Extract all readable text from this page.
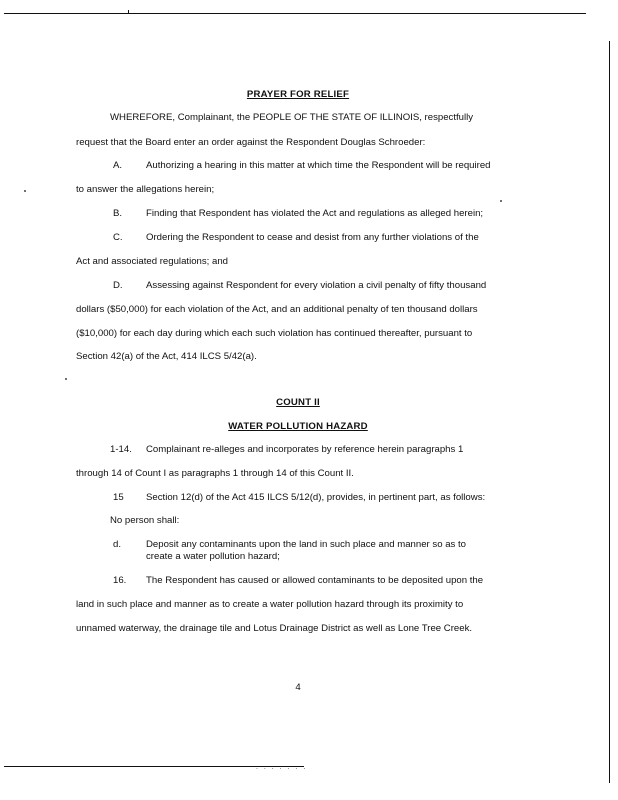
PRAYER FOR RELIEF
WHEREFORE, Complainant, the PEOPLE OF THE STATE OF ILLINOIS, respectfully
request that the Board enter an order against the Respondent Douglas Schroeder:
A. Authorizing a hearing in this matter at which time the Respondent will be required
to answer the allegations herein;
B. Finding that Respondent has violated the Act and regulations as alleged herein;
C. Ordering the Respondent to cease and desist from any further violations of the
Act and associated regulations; and
D. Assessing against Respondent for every violation a civil penalty of fifty thousand
dollars ($50,000) for each violation of the Act, and an additional penalty of ten thousand dollars
($10,000) for each day during which each such violation has continued thereafter, pursuant to
Section 42(a) of the Act, 414 ILCS 5/42(a).
COUNT II
WATER POLLUTION HAZARD
1-14. Complainant re-alleges and incorporates by reference herein paragraphs 1
through 14 of Count I as paragraphs 1 through 14 of this Count II.
15 Section 12(d) of the Act 415 ILCS 5/12(d), provides, in pertinent part, as follows:
No person shall:
d.	Deposit any contaminants upon the land in such place and manner so as to
create a water pollution hazard;
16. The Respondent has caused or allowed contaminants to be deposited upon the
land in such place and manner as to create a water pollution hazard through its proximity to
unnamed waterway, the drainage tile and Lotus Drainage District as well as Lone Tree Creek.
4
. . . . . . .
